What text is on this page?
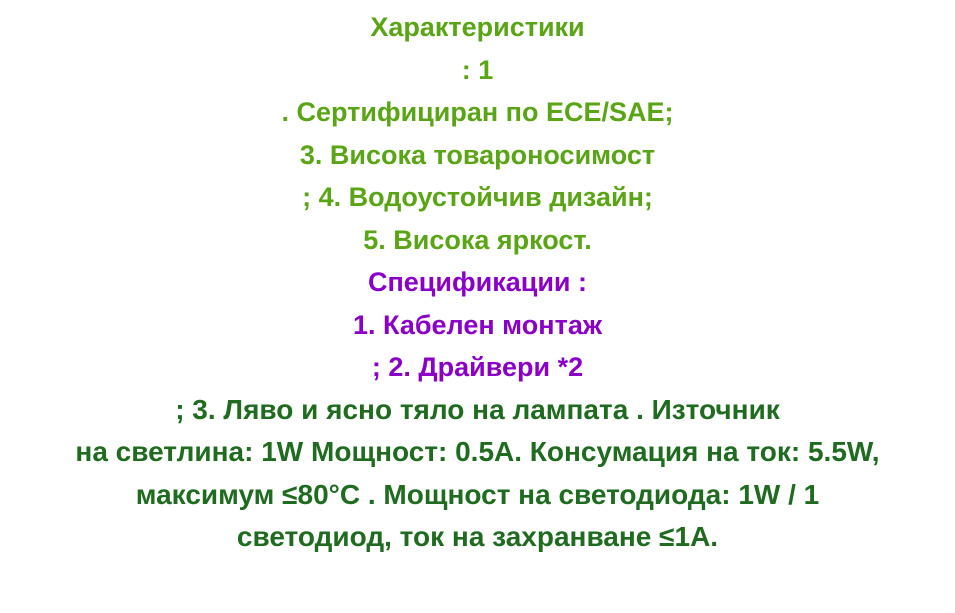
Характеристики
: 1
. Сертифициран по ECE/SAE;
3. Висока товароносимост
; 4. Водоустойчив дизайн;
5. Висока яркост.
Спецификации :
1. Кабелен монтаж
; 2. Драйвери *2
; 3. Ляво и ясно тяло на лампата . Източник
на светлина: 1W Мощност: 0.5A. Консумация на ток: 5.5W,
максимум ≤80°C . Мощност на светодиода: 1W / 1
светодиод, ток на захранване ≤1A.
